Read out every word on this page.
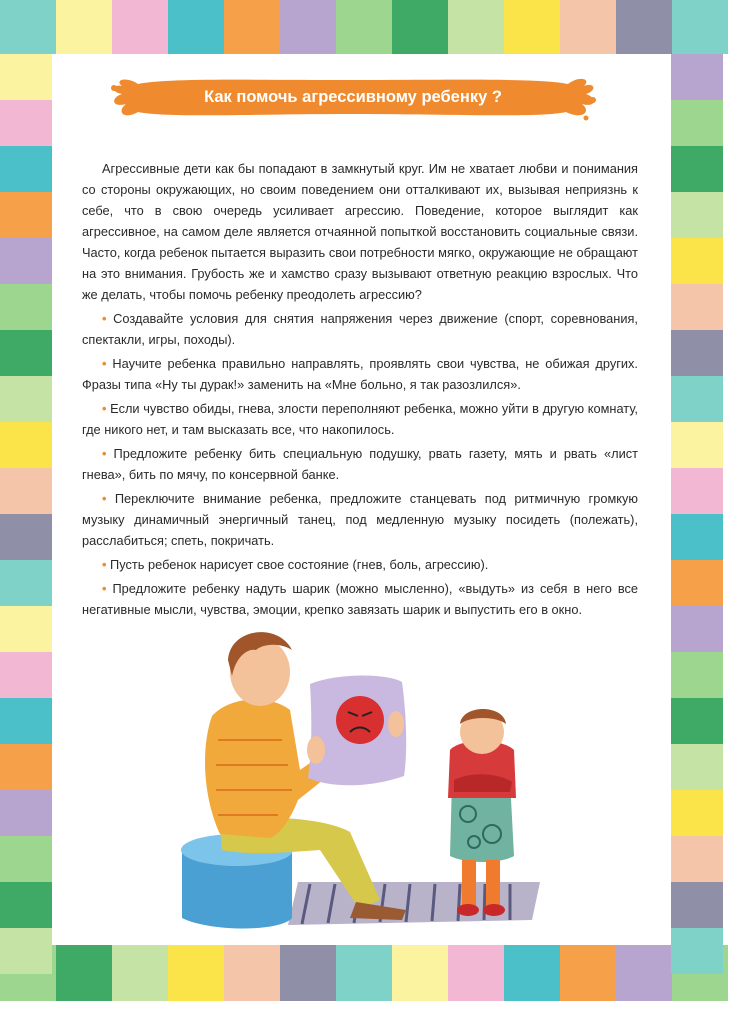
Как помочь агрессивному ребенку ?

Агрессивные дети как бы попадают в замкнутый круг. Им не хватает любви и понимания со стороны окружающих, но своим поведением они отталкивают их, вызывая неприязнь к себе, что в свою очередь усиливает агрессию. Поведение, которое выглядит как агрессивное, на самом деле является отчаянной попыткой восстановить социальные связи. Часто, когда ребенок пытается выразить свои потребности мягко, окружающие не обращают на это внимания. Грубость же и хамство сразу вызывают ответную реакцию взрослых. Что же делать, чтобы помочь ребенку преодолеть агрессию?

• Создавайте условия для снятия напряжения через движение (спорт, соревнования, спектакли, игры, походы).

• Научите ребенка правильно направлять, проявлять свои чувства, не обижая других. Фразы типа «Ну ты дурак!» заменить на «Мне больно, я так разозлился».

• Если чувство обиды, гнева, злости переполняют ребенка, можно уйти в другую комнату, где никого нет, и там высказать все, что накопилось.

• Предложите ребенку бить специальную подушку, рвать газету, мять и рвать «лист гнева», бить по мячу, по консервной банке.

• Переключите внимание ребенка, предложите станцевать под ритмичную громкую музыку динамичный энергичный танец, под медленную музыку посидеть (полежать), расслабиться; спеть, покричать.

• Пусть ребенок нарисует свое состояние (гнев, боль, агрессию).

• Предложите ребенку надуть шарик (можно мысленно), «выдуть» из себя в него все негативные мысли, чувства, эмоции, крепко завязать шарик и выпустить его в окно.
